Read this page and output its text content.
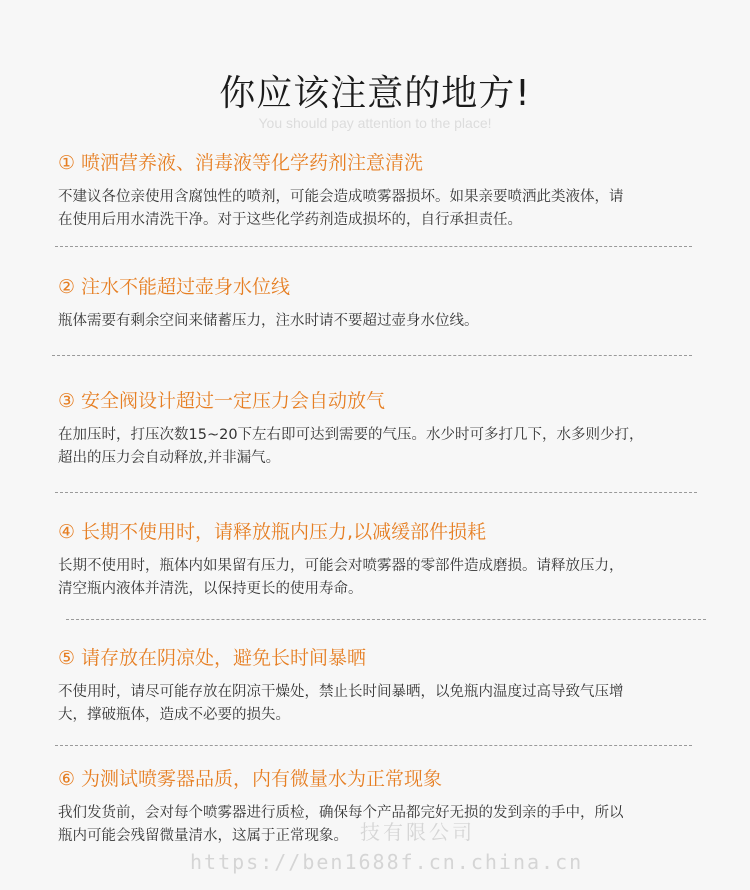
你应该注意的地方!
You should pay attention to the place!
① 喷洒营养液、消毒液等化学药剂注意清洗
不建议各位亲使用含腐蚀性的喷剂，可能会造成喷雾器损坏。如果亲要喷洒此类液体，请
在使用后用水清洗干净。对于这些化学药剂造成损坏的，自行承担责任。
② 注水不能超过壶身水位线
瓶体需要有剩余空间来储蓄压力，注水时请不要超过壶身水位线。
③ 安全阀设计超过一定压力会自动放气
在加压时，打压次数15~20下左右即可达到需要的气压。水少时可多打几下，水多则少打，
超出的压力会自动释放,并非漏气。
④ 长期不使用时，请释放瓶内压力,以减缓部件损耗
长期不使用时，瓶体内如果留有压力，可能会对喷雾器的零部件造成磨损。请释放压力，
清空瓶内液体并清洗，以保持更长的使用寿命。
⑤ 请存放在阴凉处，避免长时间暴晒
不使用时，请尽可能存放在阴凉干燥处，禁止长时间暴晒，以免瓶内温度过高导致气压增
大，撑破瓶体，造成不必要的损失。
⑥ 为测试喷雾器品质，内有微量水为正常现象
我们发货前，会对每个喷雾器进行质检，确保每个产品都完好无损的发到亲的手中，所以
瓶内可能会残留微量清水，这属于正常现象。 技有限公司
https://ben1688f.cn.china.cn
